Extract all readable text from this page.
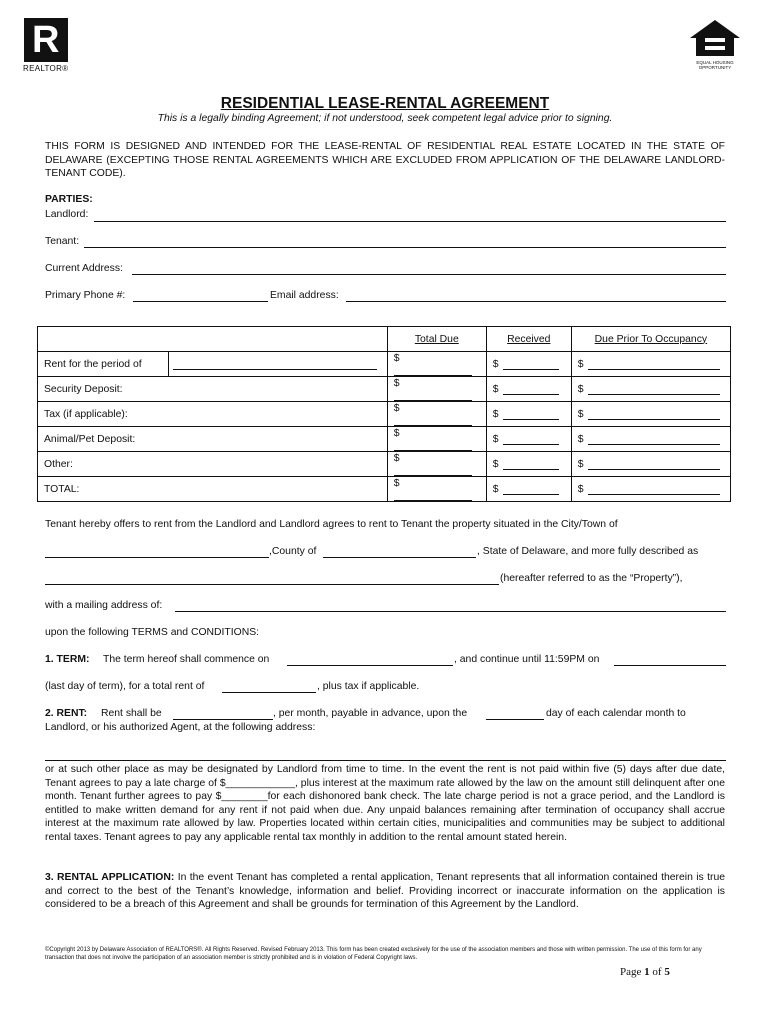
R
REALTOR®
EQUAL HOUSING OPPORTUNITY
RESIDENTIAL LEASE-RENTAL AGREEMENT
This is a legally binding Agreement; if not understood, seek competent legal advice prior to signing.
THIS FORM IS DESIGNED AND INTENDED FOR THE LEASE-RENTAL OF RESIDENTIAL REAL ESTATE LOCATED IN THE STATE OF DELAWARE (EXCEPTING THOSE RENTAL AGREEMENTS WHICH ARE EXCLUDED FROM APPLICATION OF THE DELAWARE LANDLORD-TENANT CODE).
PARTIES:
Landlord:
Tenant:
Current Address:
Primary Phone #:	Email address:
		Total Due	Received	Due Prior To Occupancy
Rent for the period of		$	$	$
Security Deposit:		$	$	$
Tax (if applicable):		$	$	$
Animal/Pet Deposit:		$	$	$
Other:		$	$	$
TOTAL:		$	$	$
Tenant hereby offers to rent from the Landlord and Landlord agrees to rent to Tenant the property situated in the City/Town of
,County of	, State of Delaware, and more fully described as
(hereafter referred to as the “Property”),
with a mailing address of:
upon the following TERMS and CONDITIONS:
1. TERM: The term hereof shall commence on	, and continue until 11:59PM on
(last day of term), for a total rent of	, plus tax if applicable.
2. RENT: Rent shall be	, per month, payable in advance, upon the	day of each calendar month to
Landlord, or his authorized Agent, at the following address:
or at such other place as may be designated by Landlord from time to time. In the event the rent is not paid within five (5) days after due date, Tenant agrees to pay a late charge of $____________, plus interest at the maximum rate allowed by the law on the amount still delinquent after one month. Tenant further agrees to pay $________for each dishonored bank check. The late charge period is not a grace period, and the Landlord is entitled to make written demand for any rent if not paid when due. Any unpaid balances remaining after termination of occupancy shall accrue interest at the maximum rate allowed by law. Properties located within certain cities, municipalities and communities may be subject to additional rental taxes. Tenant agrees to pay any applicable rental tax monthly in addition to the rental amount stated herein.
3. RENTAL APPLICATION: In the event Tenant has completed a rental application, Tenant represents that all information contained therein is true and correct to the best of the Tenant’s knowledge, information and belief. Providing incorrect or inaccurate information on the application is considered to be a breach of this Agreement and shall be grounds for termination of this Agreement by the Landlord.
©Copyright 2013 by Delaware Association of REALTORS®. All Rights Reserved. Revised February 2013. This form has been created exclusively for the use of the association members and those with written permission. The use of this form for any transaction that does not involve the participation of an association member is strictly prohibited and is in violation of Federal Copyright laws.
Page 1 of 5
